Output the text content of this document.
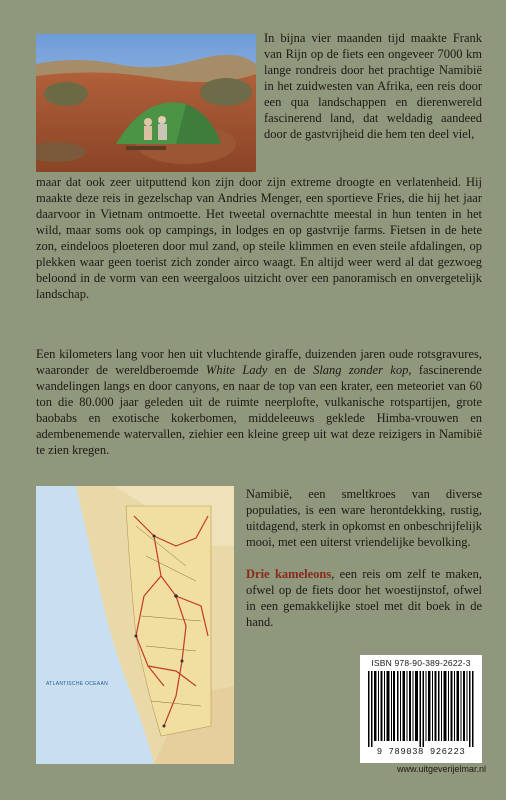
In bijna vier maanden tijd maakte Frank van Rijn op de fiets een ongeveer 7000 km lange rondreis door het prachtige Namibië in het zuidwesten van Afrika, een reis door een qua landschappen en dierenwereld fascinerend land, dat weldadig aandeed door de gastvrijheid die hem ten deel viel,

maar dat ook zeer uitputtend kon zijn door zijn extreme droogte en verlatenheid. Hij maakte deze reis in gezelschap van Andries Menger, een sportieve Fries, die hij het jaar daarvoor in Vietnam ontmoette. Het tweetal overnachtte meestal in hun tenten in het wild, maar soms ook op campings, in lodges en op gastvrije farms. Fietsen in de hete zon, eindeloos ploeteren door mul zand, op steile klimmen en even steile afdalingen, op plekken waar geen toerist zich zonder airco waagt. En altijd weer werd al dat gezwoeg beloond in de vorm van een weergaloos uitzicht over een panoramisch en onvergetelijk landschap.

Een kilometers lang voor hen uit vluchtende giraffe, duizenden jaren oude rotsgravures, waaronder de wereldberoemde White Lady en de Slang zonder kop, fascinerende wandelingen langs en door canyons, en naar de top van een krater, een meteoriet van 60 ton die 80.000 jaar geleden uit de ruimte neerplofte, vulkanische rotspartijen, grote baobabs en exotische kokerbomen, middeleeuws geklede Himba-vrouwen en adembenemende watervallen, ziehier een kleine greep uit wat deze reizigers in Namibië te zien kregen.

ATLANTISCHE OCEAAN

Namibië, een smeltkroes van diverse populaties, is een ware herontdekking, rustig, uitdagend, sterk in opkomst en onbeschrijfelijk mooi, met een uiterst vriendelijke bevolking.

Drie kameleons, een reis om zelf te maken, ofwel op de fiets door het woestijnstof, ofwel in een gemakkelijke stoel met dit boek in de hand.

ISBN 978-90-389-2622-3
9 789038 926223
www.uitgeverijelmar.nl
